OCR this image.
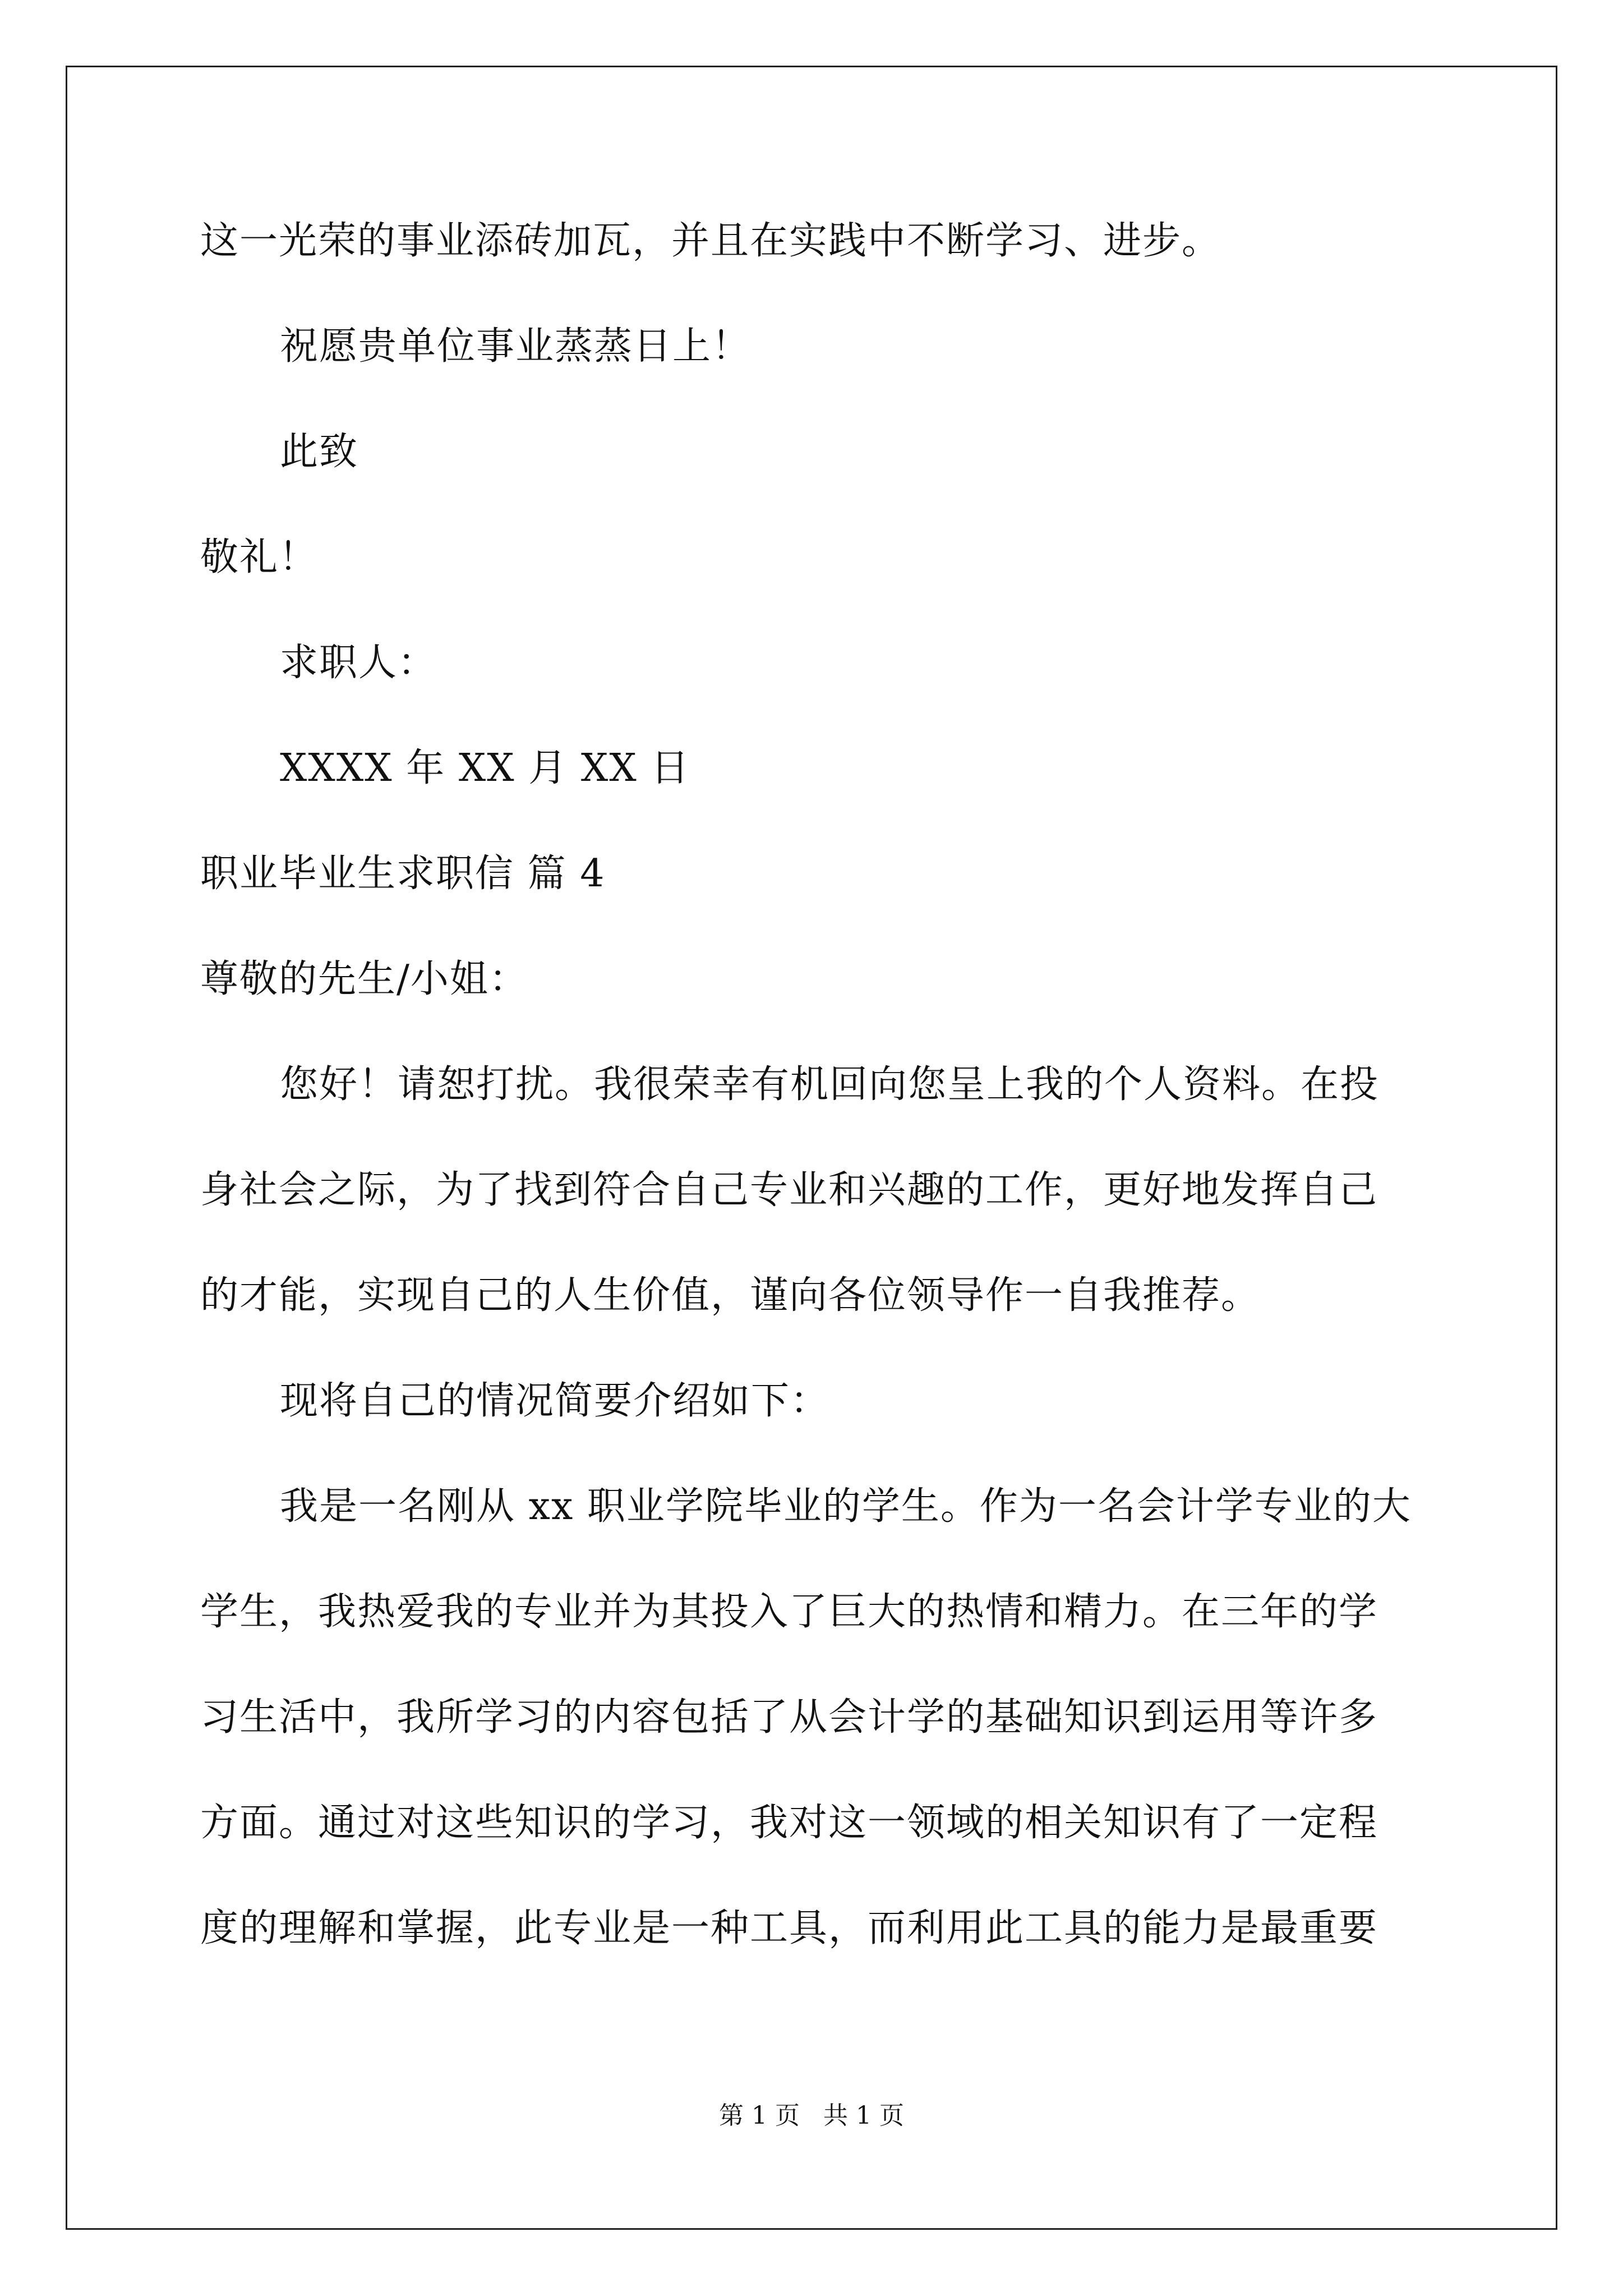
这一光荣的事业添砖加瓦，并且在实践中不断学习、进步。
祝愿贵单位事业蒸蒸日上！
此致
敬礼！
求职人：
XXXX 年 XX 月 XX 日
职业毕业生求职信 篇 4
尊敬的先生/小姐：
您好！请恕打扰。我很荣幸有机回向您呈上我的个人资料。在投
身社会之际，为了找到符合自己专业和兴趣的工作，更好地发挥自己
的才能，实现自己的人生价值，谨向各位领导作一自我推荐。
现将自己的情况简要介绍如下：
我是一名刚从 xx 职业学院毕业的学生。作为一名会计学专业的大
学生，我热爱我的专业并为其投入了巨大的热情和精力。在三年的学
习生活中，我所学习的内容包括了从会计学的基础知识到运用等许多
方面。通过对这些知识的学习，我对这一领域的相关知识有了一定程
度的理解和掌握，此专业是一种工具，而利用此工具的能力是最重要
第 1 页   共 1 页
